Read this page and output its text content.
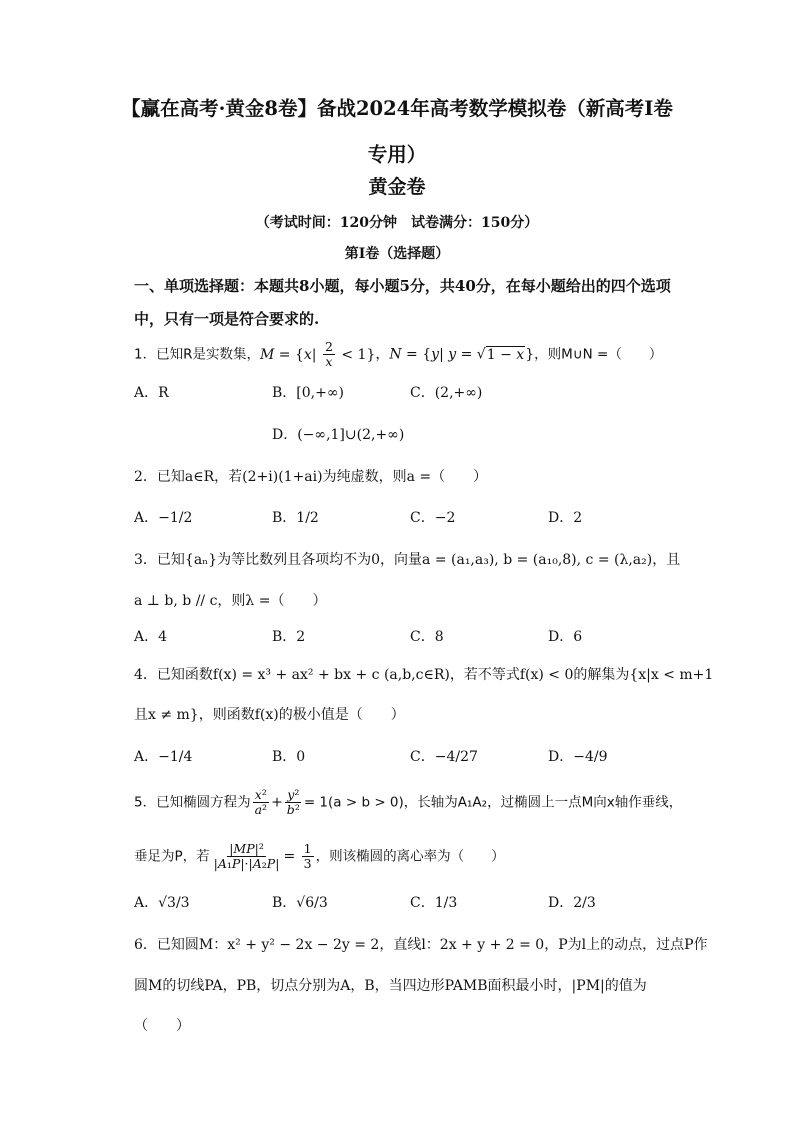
【赢在高考·黄金8卷】备战2024年高考数学模拟卷（新高考Ⅰ卷专用）
黄金卷
（考试时间：120分钟　试卷满分：150分）
第Ⅰ卷（选择题）
一、单项选择题：本题共8小题，每小题5分，共40分，在每小题给出的四个选项中，只有一项是符合要求的.
1．已知R是实数集，$M = \{x| \frac{2}{x} < 1\}$，N = {y| y = √1 − x}，则M∪N =（　　）
A．R	B．[0,+∞)	C．(2,+∞)
D．(−∞,1]∪(2,+∞)
2．已知a∈R，若(2+i)(1+ai)为纯虚数，则a =（　　）
A．−1/2	B．1/2	C．−2	D．2
3．已知{aₙ}为等比数列且各项均不为0，向量a = (a₁,a₃), b = (a₁₀,8), c = (λ,a₂)，且
a ⊥ b, b // c，则λ =（　　）
A．4	B．2	C．8	D．6
4．已知函数f(x) = x³ + ax² + bx + c (a,b,c∈R)，若不等式f(x) < 0的解集为{x|x < m+1
且x ≠ m}，则函数f(x)的极小值是（　　）
A．−1/4	B．0	C．−4/27	D．−4/9
5．已知椭圆方程为 $\frac{\text{x²}}{\text{a²}} + \frac{\text{y²}}{\text{b²}} = 1(a > b > 0)$，长轴为A₁A₂，过椭圆上一点M向x轴作垂线，
垂足为P，若 $\frac{\text{|MP|²}}{\text{|A₁P|·|A₂P|}} = \frac{1}{3}$ ，则该椭圆的离心率为（　　）
A．√3/3	B．√6/3	C．1/3	D．2/3
6．已知圆M：x² + y² − 2x − 2y = 2，直线l：2x + y + 2 = 0，P为l上的动点，过点P作
圆M的切线PA，PB，切点分别为A，B，当四边形PAMB面积最小时，|PM|的值为
（　　）
